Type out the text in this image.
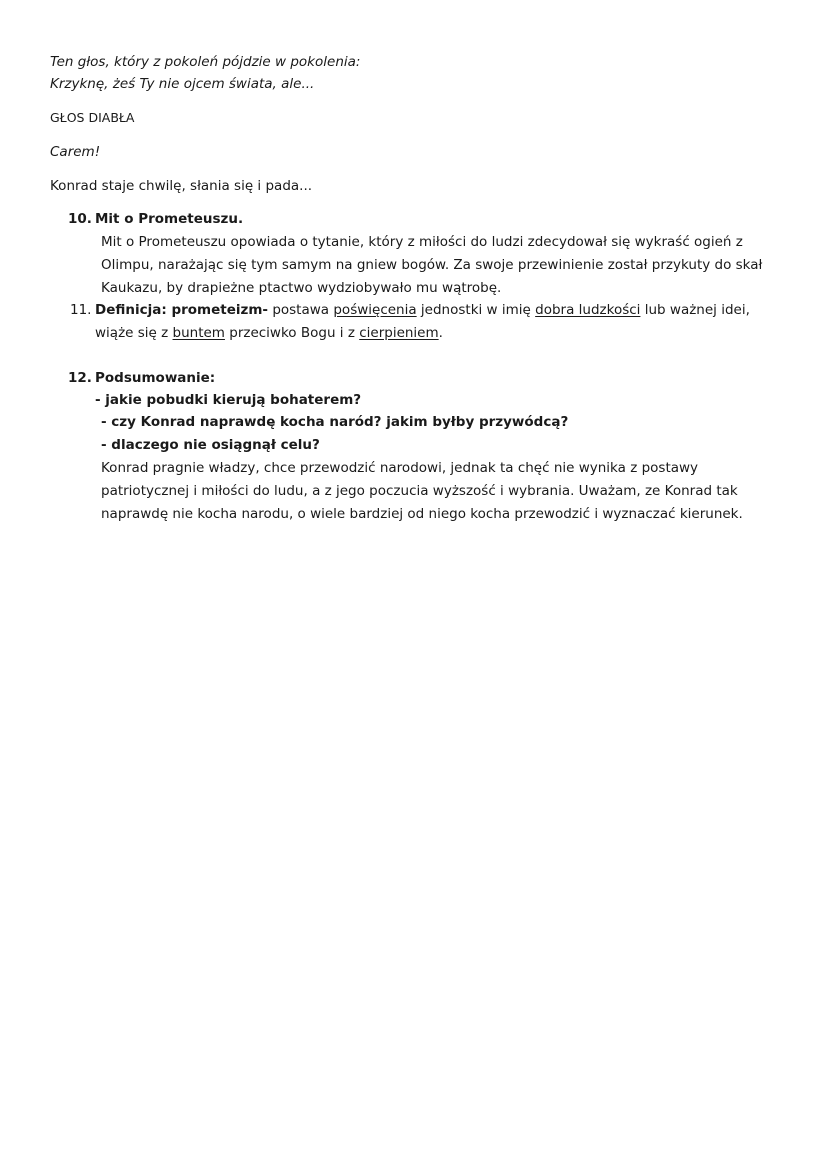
Ten głos, który z pokoleń pójdzie w pokolenia:
Krzyknę, żeś Ty nie ojcem świata, ale...
GŁOS DIABŁA
Carem!
Konrad staje chwilę, słania się i pada...
10. Mit o Prometeuszu.
Mit o Prometeuszu opowiada o tytanie, który z miłości do ludzi zdecydował się wykraść ogień z
Olimpu, narażając się tym samym na gniew bogów. Za swoje przewinienie został przykuty do skał
Kaukazu, by drapieżne ptactwo wydziobywało mu wątrobę.
11. Definicja: prometeizm- postawa poświęcenia jednostki w imię dobra ludzkości lub ważnej idei,
wiąże się z buntem przeciwko Bogu i z cierpieniem.
12. Podsumowanie:
- jakie pobudki kierują bohaterem?
- czy Konrad naprawdę kocha naród? jakim byłby przywódcą?
- dlaczego nie osiągnął celu?
Konrad pragnie władzy, chce przewodzić narodowi, jednak ta chęć nie wynika z postawy
patriotycznej i miłości do ludu, a z jego poczucia wyższość i wybrania. Uważam, ze Konrad tak
naprawdę nie kocha narodu, o wiele bardziej od niego kocha przewodzić i wyznaczać kierunek.
